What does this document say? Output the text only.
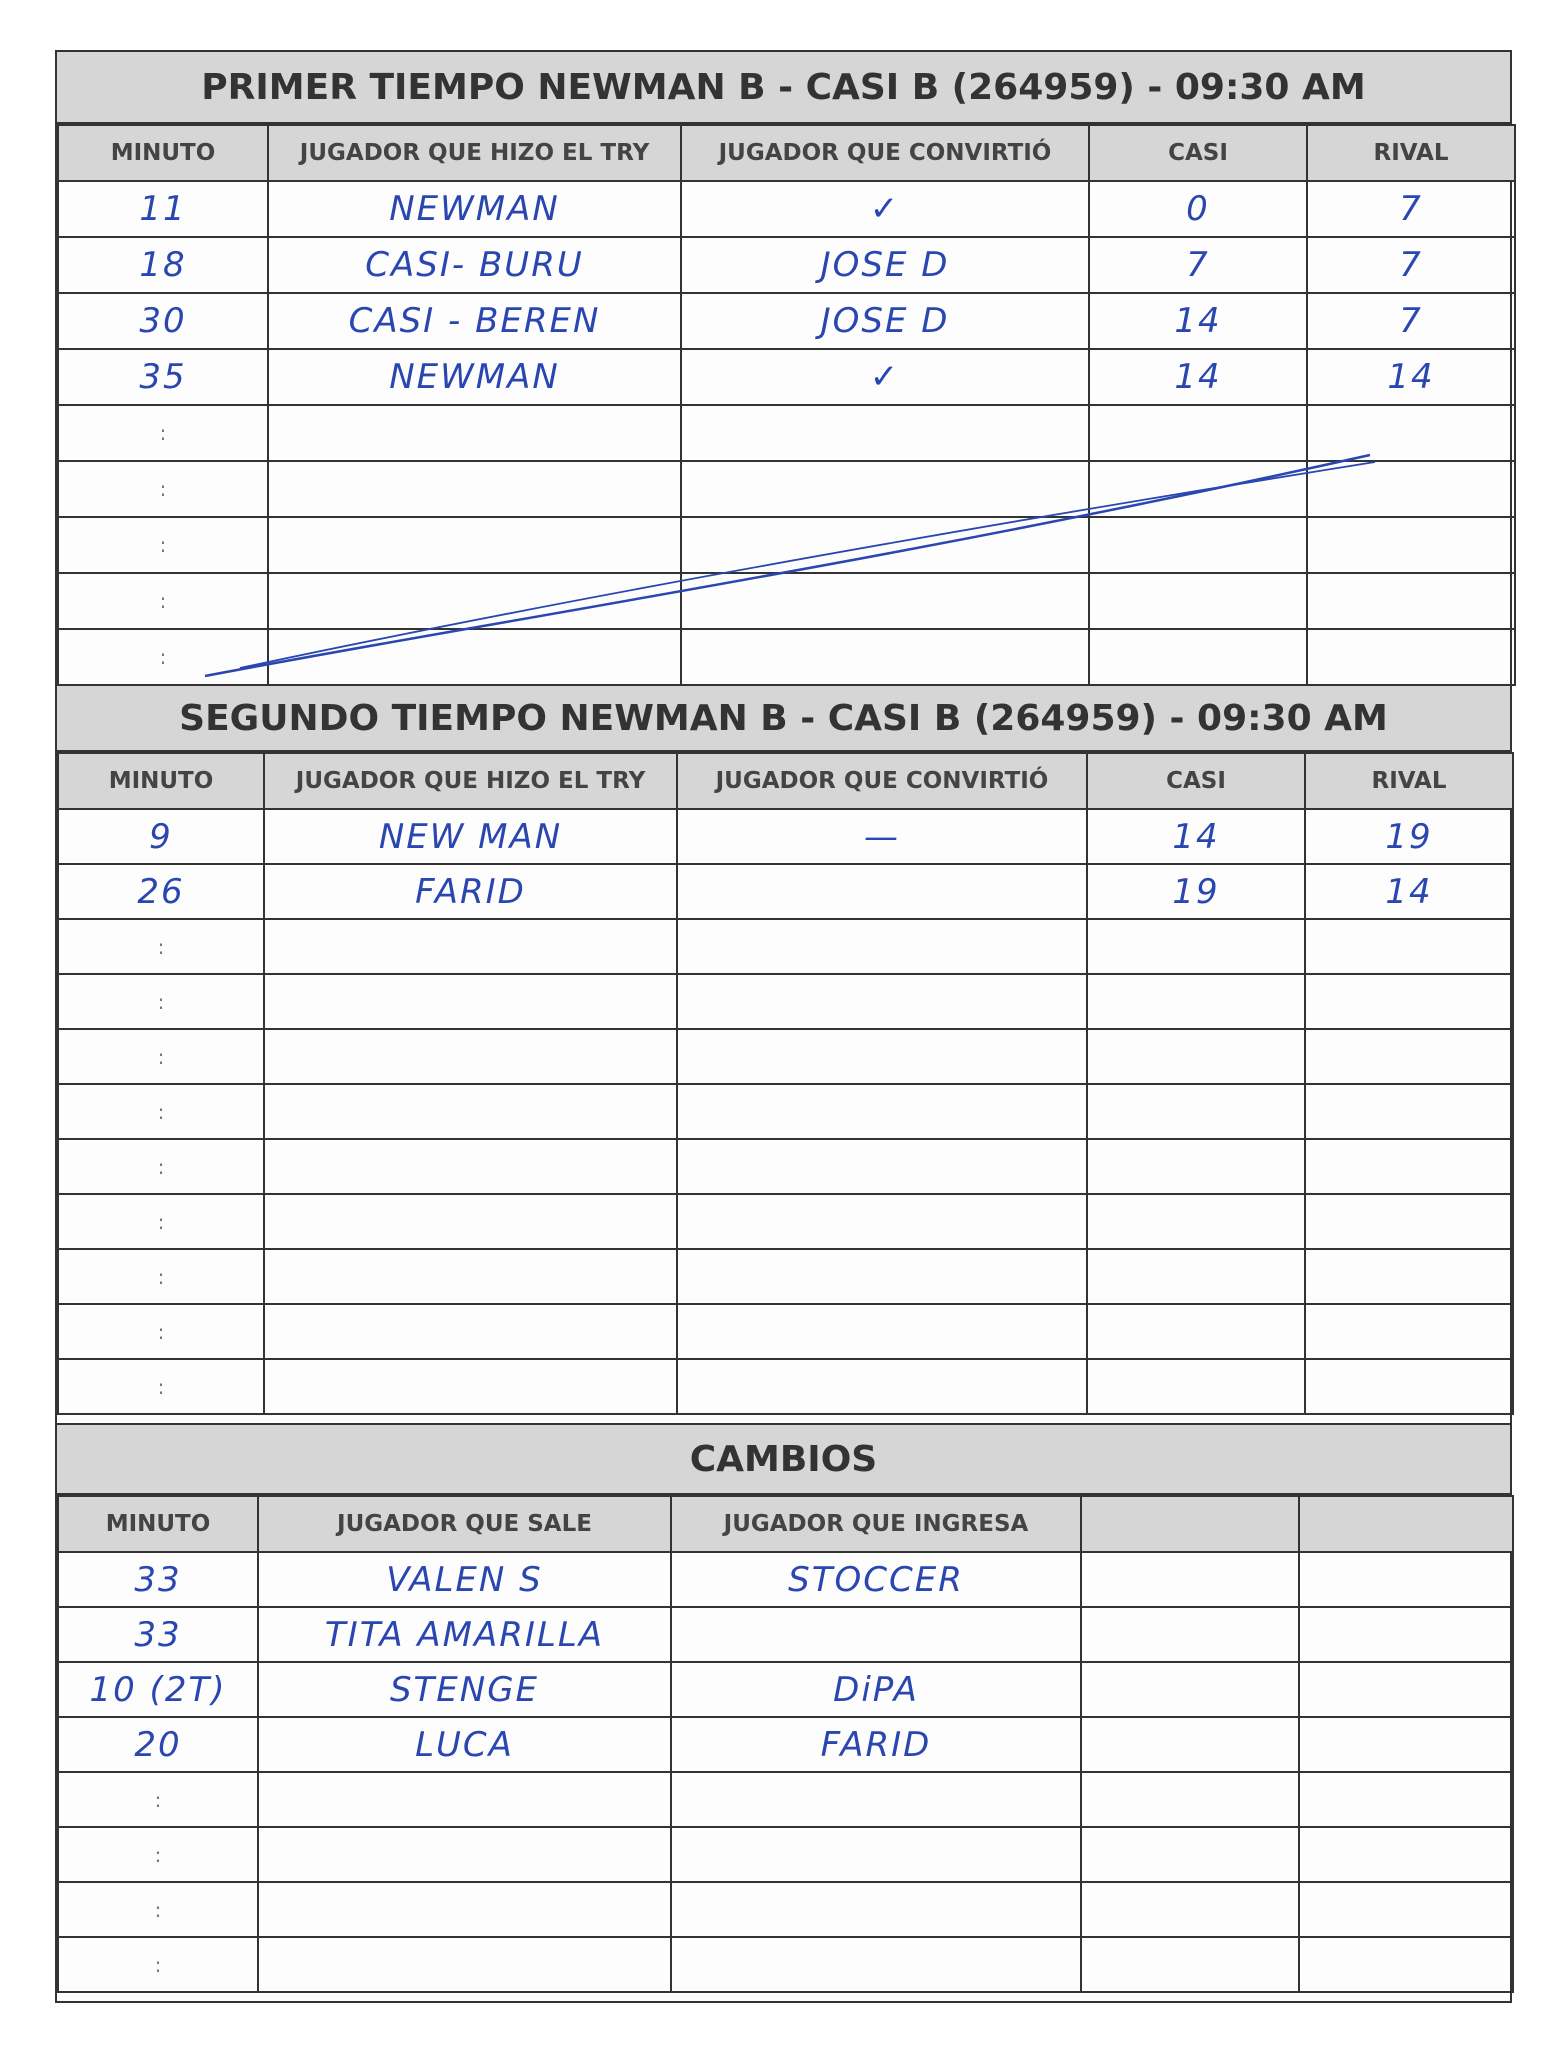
PRIMER TIEMPO NEWMAN B - CASI B (264959) - 09:30 AM
MINUTO	JUGADOR QUE HIZO EL TRY	JUGADOR QUE CONVIRTIÓ	CASI	RIVAL
11	NEWMAN	✓	0	7
18	CASI- BURU	JOSE D	7	7
30	CASI - BEREN	JOSE D	14	7
35	NEWMAN	✓	14	14
:				
:				
:				
:				
:				
SEGUNDO TIEMPO NEWMAN B - CASI B (264959) - 09:30 AM
MINUTO	JUGADOR QUE HIZO EL TRY	JUGADOR QUE CONVIRTIÓ	CASI	RIVAL
9	NEW MAN	—	14	19
26	FARID		19	14
:				
:				
:				
:				
:				
:				
:				
:				
:				
CAMBIOS
MINUTO	JUGADOR QUE SALE	JUGADOR QUE INGRESA		
33	VALEN S	STOCCER		
33	TITA AMARILLA			
10 (2T)	STENGE	DiPA		
20	LUCA	FARID		
:				
:				
:				
:				
